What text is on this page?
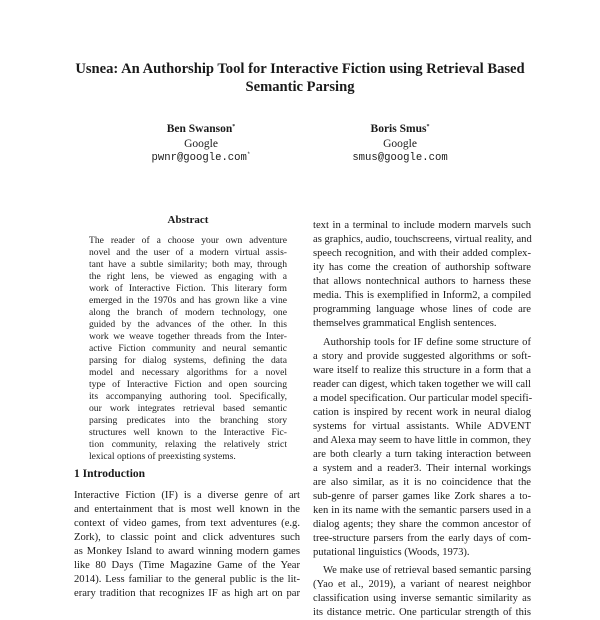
Usnea: An Authorship Tool for Interactive Fiction using Retrieval Based
Semantic Parsing
Ben Swanson*
Google
pwnr@google.com*
Boris Smus*
Google
smus@google.com
Abstract
The reader of a choose your own adventure
novel and the user of a modern virtual assis-
tant have a subtle similarity; both may, through
the right lens, be viewed as engaging with a
work of Interactive Fiction. This literary form
emerged in the 1970s and has grown like a vine
along the branch of modern technology, one
guided by the advances of the other. In this
work we weave together threads from the Inter-
active Fiction community and neural semantic
parsing for dialog systems, defining the data
model and necessary algorithms for a novel
type of Interactive Fiction and open sourcing
its accompanying authoring tool. Specifically,
our work integrates retrieval based semantic
parsing predicates into the branching story
structures well known to the Interactive Fic-
tion community, relaxing the relatively strict
lexical options of preexisting systems.
1 Introduction
Interactive Fiction (IF) is a diverse genre of art
and entertainment that is most well known in the
context of video games, from text adventures (e.g.
Zork), to classic point and click adventures such
as Monkey Island to award winning modern games
like 80 Days (Time Magazine Game of the Year
2014). Less familiar to the general public is the lit-
erary tradition that recognizes IF as high art on par
text in a terminal to include modern marvels such
as graphics, audio, touchscreens, virtual reality, and
speech recognition, and with their added complex-
ity has come the creation of authorship software
that allows nontechnical authors to harness these
media. This is exemplified in Inform2, a compiled
programming language whose lines of code are
themselves grammatical English sentences.
Authorship tools for IF define some structure of
a story and provide suggested algorithms or soft-
ware itself to realize this structure in a form that a
reader can digest, which taken together we will call
a model specification. Our particular model specifi-
cation is inspired by recent work in neural dialog
systems for virtual assistants. While ADVENT
and Alexa may seem to have little in common, they
are both clearly a turn taking interaction between
a system and a reader3. Their internal workings
are also similar, as it is no coincidence that the
sub-genre of parser games like Zork shares a to-
ken in its name with the semantic parsers used in a
dialog agents; they share the common ancestor of
tree-structure parsers from the early days of com-
putational linguistics (Woods, 1973).
We make use of retrieval based semantic parsing
(Yao et al., 2019), a variant of nearest neighbor
classification using inverse semantic similarity as
its distance metric. One particular strength of this
